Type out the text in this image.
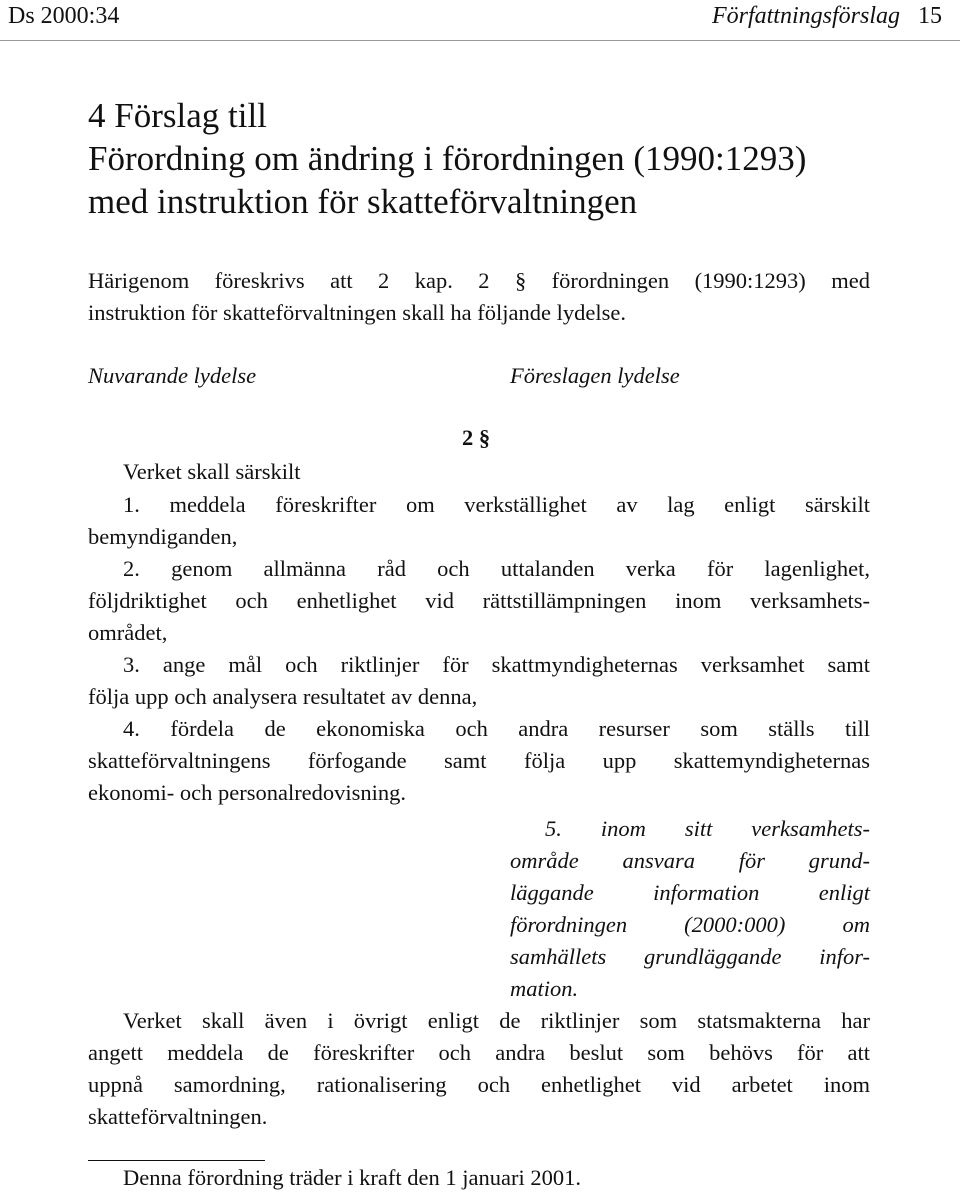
Ds 2000:34	Författningsförslag 15
4 Förslag till
Förordning om ändring i förordningen (1990:1293)
med instruktion för skatteförvaltningen
Härigenom föreskrivs att 2 kap. 2 § förordningen (1990:1293) med
instruktion för skatteförvaltningen skall ha följande lydelse.
Nuvarande lydelse	Föreslagen lydelse
2 §
Verket skall särskilt
1. meddela föreskrifter om verkställighet av lag enligt särskilt
bemyndiganden,
2. genom allmänna råd och uttalanden verka för lagenlighet,
följdriktighet och enhetlighet vid rättstillämpningen inom verksamhets-
området,
3. ange mål och riktlinjer för skattmyndigheternas verksamhet samt
följa upp och analysera resultatet av denna,
4. fördela de ekonomiska och andra resurser som ställs till
skatteförvaltningens förfogande samt följa upp skattemyndigheternas
ekonomi- och personalredovisning.
5. inom sitt verksamhets-
område ansvara för grund-
läggande information enligt
förordningen (2000:000) om
samhällets grundläggande infor-
mation.
Verket skall även i övrigt enligt de riktlinjer som statsmakterna har
angett meddela de föreskrifter och andra beslut som behövs för att
uppnå samordning, rationalisering och enhetlighet vid arbetet inom
skatteförvaltningen.
Denna förordning träder i kraft den 1 januari 2001.
